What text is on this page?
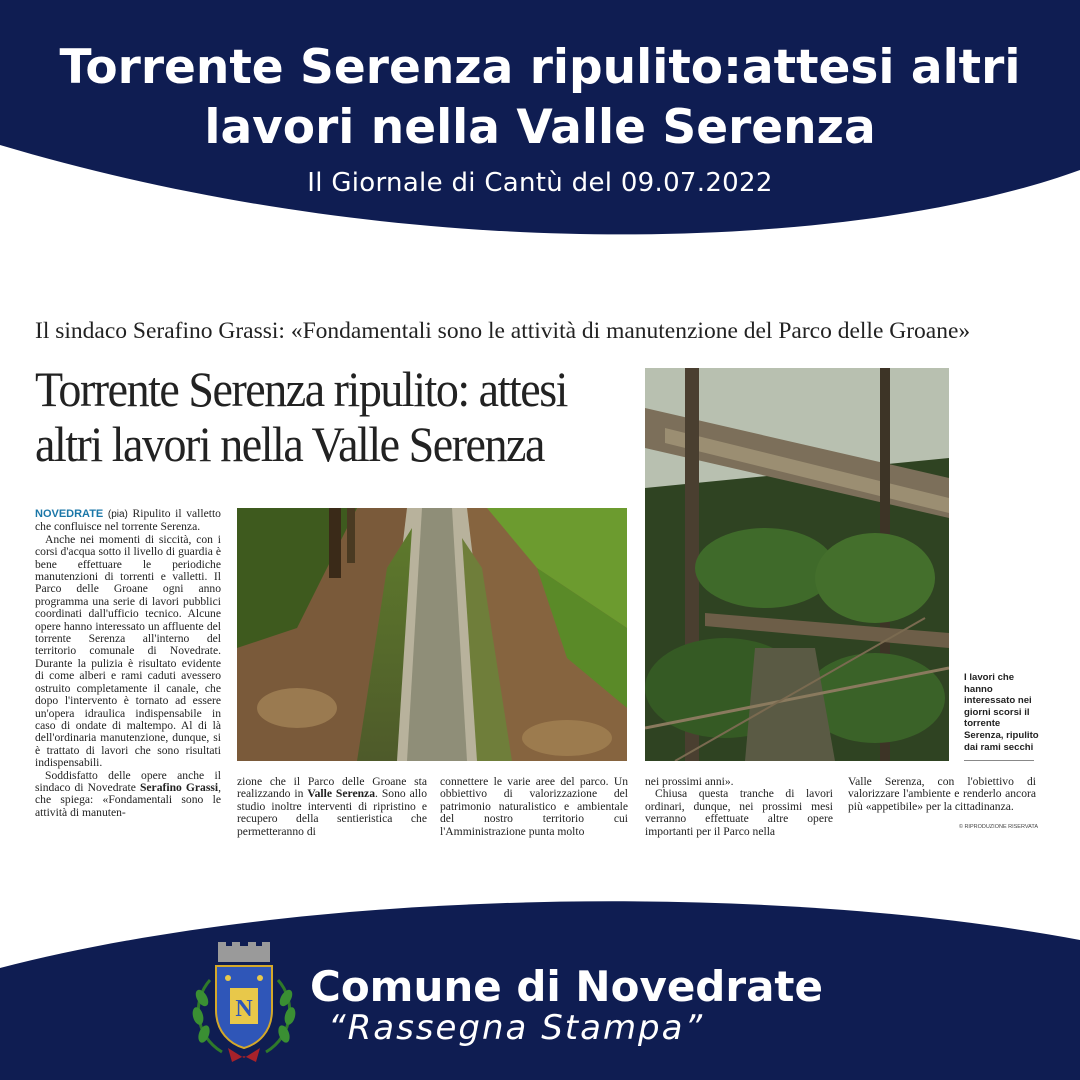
Torrente Serenza ripulito:attesi altri
lavori nella Valle Serenza
Il Giornale di Cantù del 09.07.2022
Il sindaco Serafino Grassi: «Fondamentali sono le attività di manutenzione del Parco delle Groane»
Torrente Serenza ripulito: attesi
altri lavori nella Valle Serenza

NOVEDRATE (pia) Ripulito il valletto che confluisce nel torrente Serenza.

Anche nei momenti di siccità, con i corsi d'acqua sotto il livello di guardia è bene effettuare le periodiche manutenzioni di torrenti e valletti. Il Parco delle Groane ogni anno programma una serie di lavori pubblici coordinati dall'ufficio tecnico. Alcune opere hanno interessato un affluente del torrente Serenza all'interno del territorio comunale di Novedrate. Durante la pulizia è risultato evidente di come alberi e rami caduti avessero ostruito completamente il canale, che dopo l'intervento è tornato ad essere un'opera idraulica indispensabile in caso di ondate di maltempo. Al di là dell'ordinaria manutenzione, dunque, si è trattato di lavori che sono risultati indispensabili.

Soddisfatto delle opere anche il sindaco di Novedrate Serafino Grassi, che spiega: «Fondamentali sono le attività di manuten-

I lavori che hanno interessato nei giorni scorsi il torrente Serenza, ripulito dai rami secchi

zione che il Parco delle Groane sta realizzando in Valle Serenza. Sono allo studio inoltre interventi di ripristino e recupero della sentieristica che permetteranno di

connettere le varie aree del parco. Un obbiettivo di valorizzazione del patrimonio naturalistico e ambientale del nostro territorio cui l'Amministrazione punta molto

nei prossimi anni».

Chiusa questa tranche di lavori ordinari, dunque, nei prossimi mesi verranno effettuate altre opere importanti per il Parco nella

Valle Serenza, con l'obiettivo di valorizzare l'ambiente e renderlo ancora più «appetibile» per la cittadinanza.

© RIPRODUZIONE RISERVATA
N Comune di Novedrate
“Rassegna Stampa”
